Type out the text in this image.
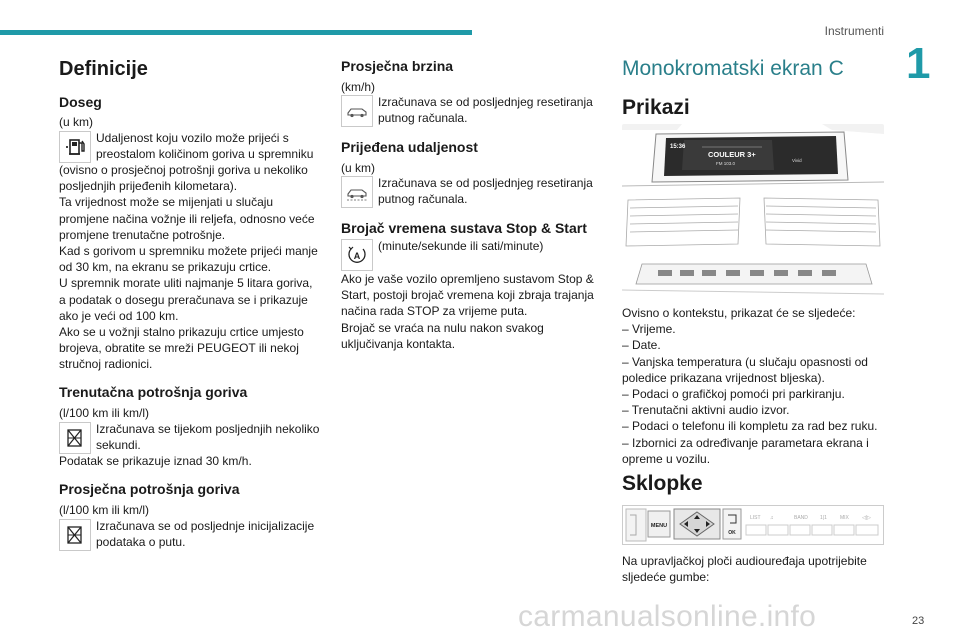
Instrumenti
1
23
Definicije
Doseg
(u km)
Udaljenost koju vozilo može prijeći s
preostalom količinom goriva u spremniku
(ovisno o prosječnoj potrošnji goriva u nekoliko
posljednjih prijeđenih kilometara).
Ta vrijednost može se mijenjati u slučaju
promjene načina vožnje ili reljefa, odnosno veće
promjene trenutačne potrošnje.
Kad s gorivom u spremniku možete prijeći manje
od 30 km, na ekranu se prikazuju crtice.
U spremnik morate uliti najmanje 5 litara goriva,
a podatak o dosegu preračunava se i prikazuje
ako je veći od 100 km.
Ako se u vožnji stalno prikazuju crtice umjesto
brojeva, obratite se mreži PEUGEOT ili nekoj
stručnoj radionici.
Trenutačna potrošnja goriva
(l/100 km ili km/l)
Izračunava se tijekom posljednjih nekoliko
sekundi.
Podatak se prikazuje iznad 30 km/h.
Prosječna potrošnja goriva
(l/100 km ili km/l)
Izračunava se od posljednje inicijalizacije
podataka o putu.
Prosječna brzina
(km/h)
Izračunava se od posljednjeg resetiranja
putnog računala.
Prijeđena udaljenost
(u km)
Izračunava se od posljednjeg resetiranja
putnog računala.
Brojač vremena sustava Stop & Start
A
(minute/sekunde ili sati/minute)
Ako je vaše vozilo opremljeno sustavom Stop &
Start, postoji brojač vremena koji zbraja trajanja
načina rada STOP za vrijeme puta.
Brojač se vraća na nulu nakon svakog
uključivanja kontakta.
Monokromatski ekran C
Prikazi
15:36
COULEUR 3+
FM 103.0
Vivid
Ovisno o kontekstu, prikazat će se sljedeće:
– Vrijeme.
– Date.
– Vanjska temperatura (u slučaju opasnosti od
poledice prikazana vrijednost bljeska).
– Podaci o grafičkoj pomoći pri parkiranju.
– Trenutačni aktivni audio izvor.
– Podaci o telefonu ili kompletu za rad bez ruku.
– Izbornici za određivanje parametara ekrana i
opreme u vozilu.
Sklopke
MENU
OK
LIST ♫	BAND 1|1	MIX	◁|▷
Na upravljačkoj ploči audiouređaja upotrijebite
sljedeće gumbe:
carmanualsonline.info
